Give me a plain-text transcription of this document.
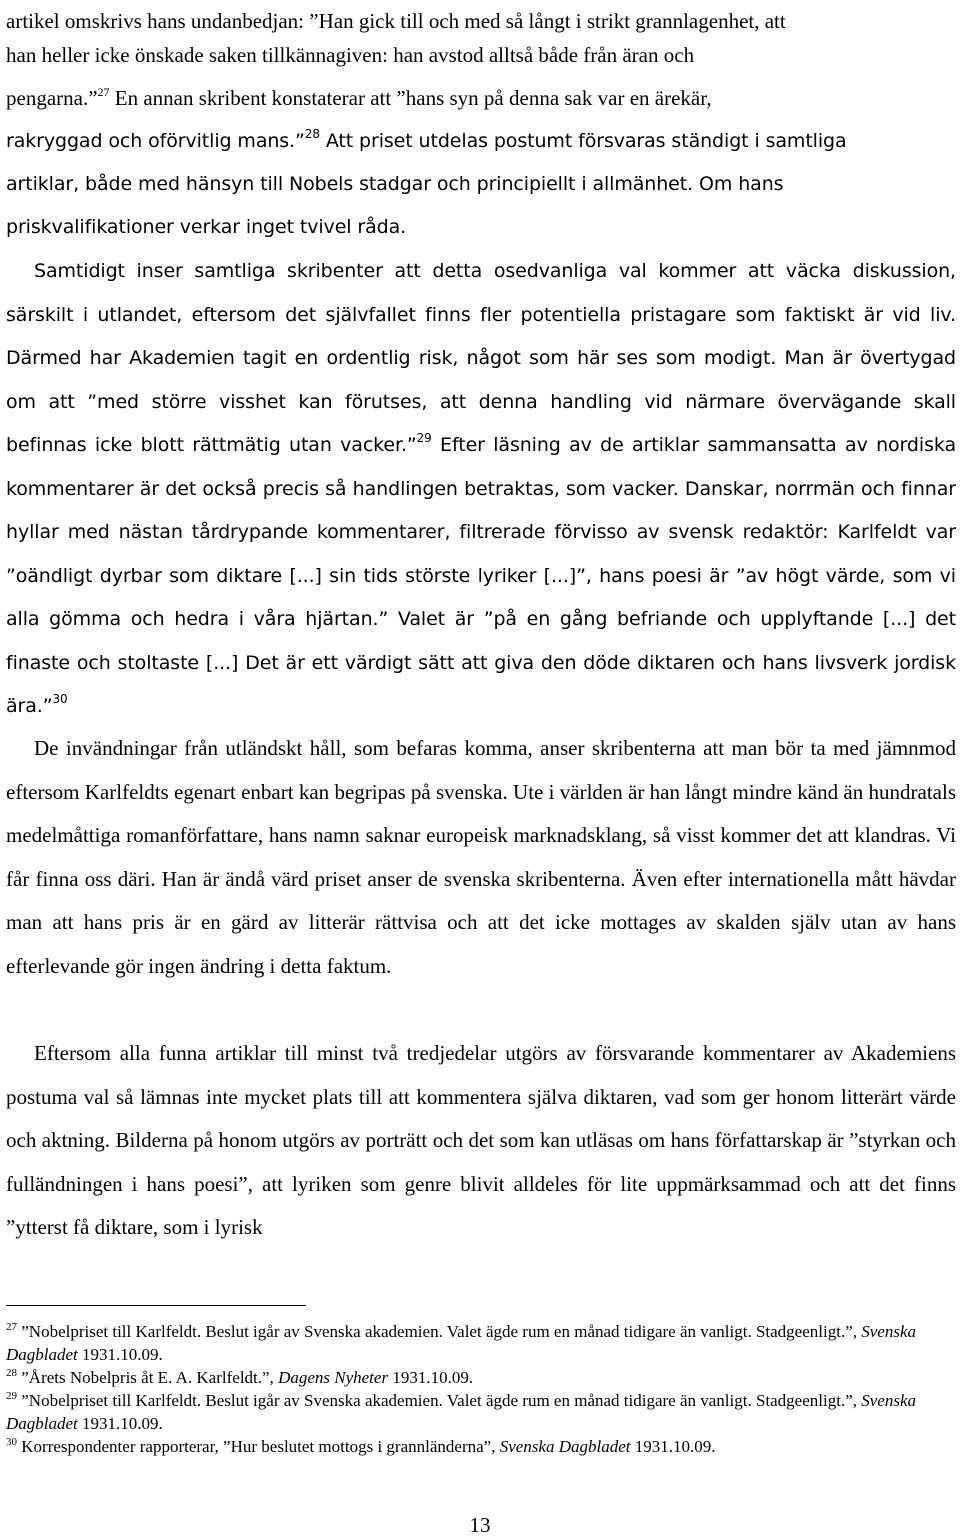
artikel omskrivs hans undanbedjan: ”Han gick till och med så långt i strikt grannlagenhet, att

han heller icke önskade saken tillkännagiven: han avstod alltså både från äran och

pengarna.”$^{27}$ En annan skribent konstaterar att ”hans syn på denna sak var en ärekär,

rakryggad och oförvitlig mans.”$^{28}$ Att priset utdelas postumt försvaras ständigt i samtliga

artiklar, både med hänsyn till Nobels stadgar och principiellt i allmänhet. Om hans

priskvalifikationer verkar inget tvivel råda.

Samtidigt inser samtliga skribenter att detta osedvanliga val kommer att väcka diskussion, särskilt i utlandet, eftersom det självfallet finns fler potentiella pristagare som faktiskt är vid liv. Därmed har Akademien tagit en ordentlig risk, något som här ses som modigt. Man är övertygad om att ”med större visshet kan förutses, att denna handling vid närmare övervägande skall befinnas icke blott rättmätig utan vacker.”$^{29}$ Efter läsning av de artiklar sammansatta av nordiska kommentarer är det också precis så handlingen betraktas, som vacker. Danskar, norrmän och finnar hyllar med nästan tårdrypande kommentarer, filtrerade förvisso av svensk redaktör: Karlfeldt var ”oändligt dyrbar som diktare [...] sin tids störste lyriker [...]”, hans poesi är ”av högt värde, som vi alla gömma och hedra i våra hjärtan.” Valet är ”på en gång befriande och upplyftande [...] det finaste och stoltaste [...] Det är ett värdigt sätt att giva den döde diktaren och hans livsverk jordisk ära.”$^{30}$

De invändningar från utländskt håll, som befaras komma, anser skribenterna att man bör ta med jämnmod eftersom Karlfeldts egenart enbart kan begripas på svenska. Ute i världen är han långt mindre känd än hundratals medelmåttiga romanförfattare, hans namn saknar europeisk marknadsklang, så visst kommer det att klandras. Vi får finna oss däri. Han är ändå värd priset anser de svenska skribenterna. Även efter internationella mått hävdar man att hans pris är en gärd av litterär rättvisa och att det icke mottages av skalden själv utan av hans efterlevande gör ingen ändring i detta faktum.

Eftersom alla funna artiklar till minst två tredjedelar utgörs av försvarande kommentarer av Akademiens postuma val så lämnas inte mycket plats till att kommentera själva diktaren, vad som ger honom litterärt värde och aktning. Bilderna på honom utgörs av porträtt och det som kan utläsas om hans författarskap är ”styrkan och fulländningen i hans poesi”, att lyriken som genre blivit alldeles för lite uppmärksammad och att det finns ”ytterst få diktare, som i lyrisk

$^{27}$ ”Nobelpriset till Karlfeldt. Beslut igår av Svenska akademien. Valet ägde rum en månad tidigare än vanligt. Stadgeenligt.”, Svenska Dagbladet 1931.10.09.

$^{28}$ ”Årets Nobelpris åt E. A. Karlfeldt.”, Dagens Nyheter 1931.10.09.

$^{29}$ ”Nobelpriset till Karlfeldt. Beslut igår av Svenska akademien. Valet ägde rum en månad tidigare än vanligt. Stadgeenligt.”, Svenska Dagbladet 1931.10.09.

$^{30}$ Korrespondenter rapporterar, ”Hur beslutet mottogs i grannländerna”, Svenska Dagbladet 1931.10.09.

13
